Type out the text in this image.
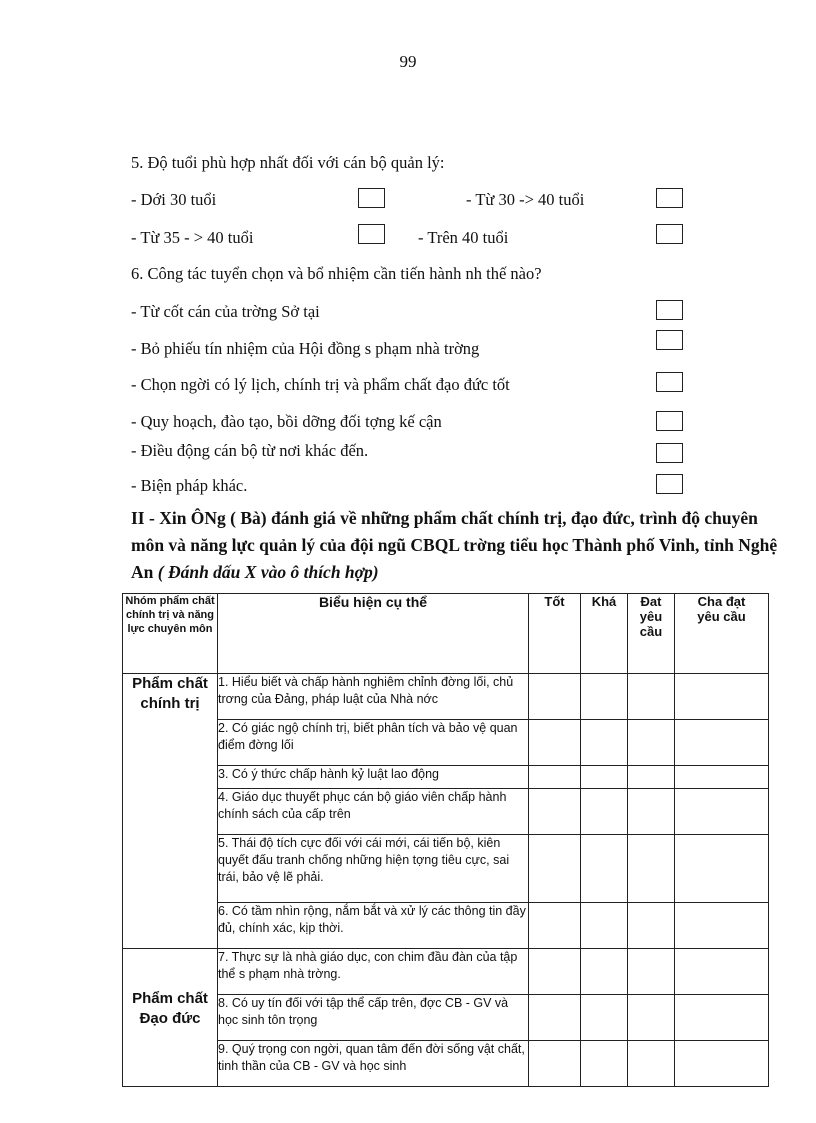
99
5. Độ tuổi phù hợp nhất đối với cán bộ quản lý:
- Dới 30 tuổi	- Từ 30 -> 40 tuổi
- Từ 35 - > 40 tuổi	- Trên 40 tuổi
6. Công tác tuyển chọn và bổ nhiệm cần tiến hành nh thế nào?
- Từ cốt cán của trờng Sở tại
- Bỏ phiếu tín nhiệm của Hội đồng s phạm nhà trờng
- Chọn ngời có lý lịch, chính trị và phẩm chất đạo đức tốt
- Quy hoạch, đào tạo, bồi dỡng đối tợng kế cận
- Điều động cán bộ từ nơi khác đến.
- Biện pháp khác.
II - Xin ÔNg ( Bà) đánh giá về những phẩm chất chính trị, đạo đức, trình độ chuyên môn và năng lực quản lý của đội ngũ CBQL trờng tiểu học Thành phố Vinh, tỉnh Nghệ An ( Đánh dấu X vào ô thích hợp)
Nhóm phẩm chất chính trị và năng lực chuyên môn	Biểu hiện cụ thể	Tốt	Khá	Đat yêu cầu	Cha đạt yêu cầu
Phẩm chất chính trị	1. Hiểu biết và chấp hành nghiêm chỉnh đờng lối, chủ trơng của Đảng, pháp luật của Nhà nớc				
	2. Có giác ngộ chính trị, biết phân tích và bảo vệ quan điểm đờng lối				
	3. Có ý thức chấp hành kỷ luật lao động				
	4. Giáo dục thuyết phục cán bộ giáo viên chấp hành chính sách của cấp trên				
	5. Thái độ tích cực đối với cái mới, cái tiến bộ, kiên quyết đấu tranh chống những hiện tợng tiêu cực, sai trái, bảo vệ lẽ phải.				
	6. Có tầm nhìn rộng, nắm bắt và xử lý các thông tin đầy đủ, chính xác, kịp thời.				
Phẩm chất Đạo đức	7. Thực sự là nhà giáo dục, con chim đầu đàn của tập thể s phạm nhà trờng.				
	8. Có uy tín đối với tập thể cấp trên, đợc CB - GV và học sinh tôn trọng				
	9. Quý trọng con ngời, quan tâm đến đời sống vật chất, tinh thần của CB - GV và học sinh				
